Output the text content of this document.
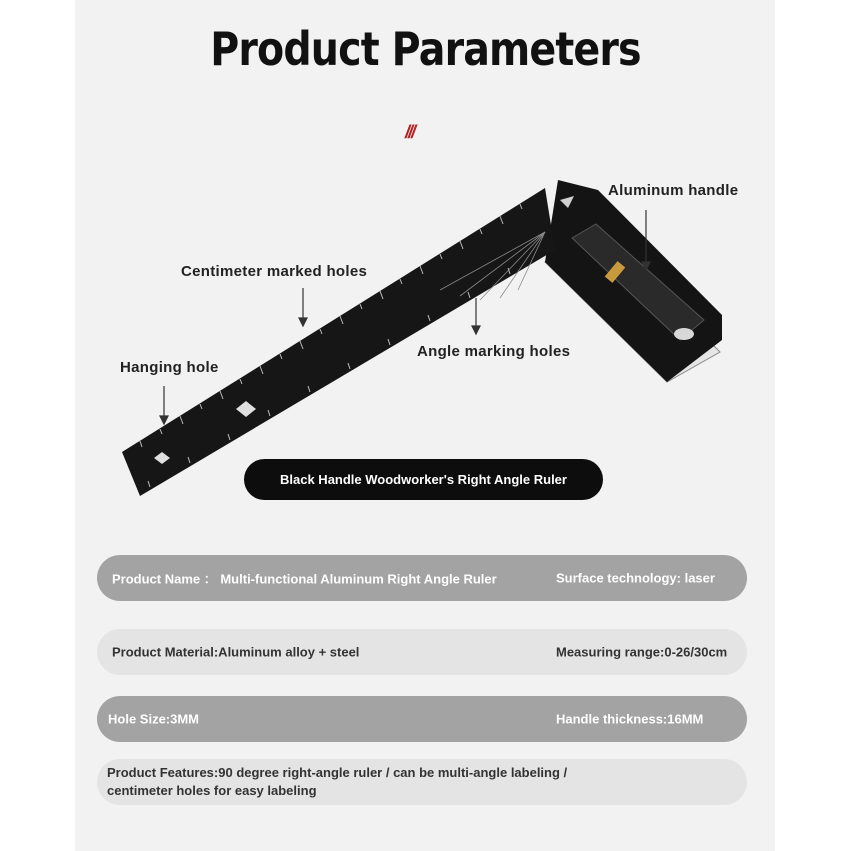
Product Parameters
///
Aluminum handle
Centimeter marked holes
Hanging hole
Angle marking holes
Black Handle Woodworker's Right Angle Ruler
Product Name ： Multi-functional Aluminum Right Angle Ruler	Surface technology: laser
Product Material:Aluminum alloy + steel	Measuring range:0-26/30cm
Hole Size:3MM	Handle thickness:16MM
Product Features:90 degree right-angle ruler / can be multi-angle labeling /
centimeter holes for easy labeling
